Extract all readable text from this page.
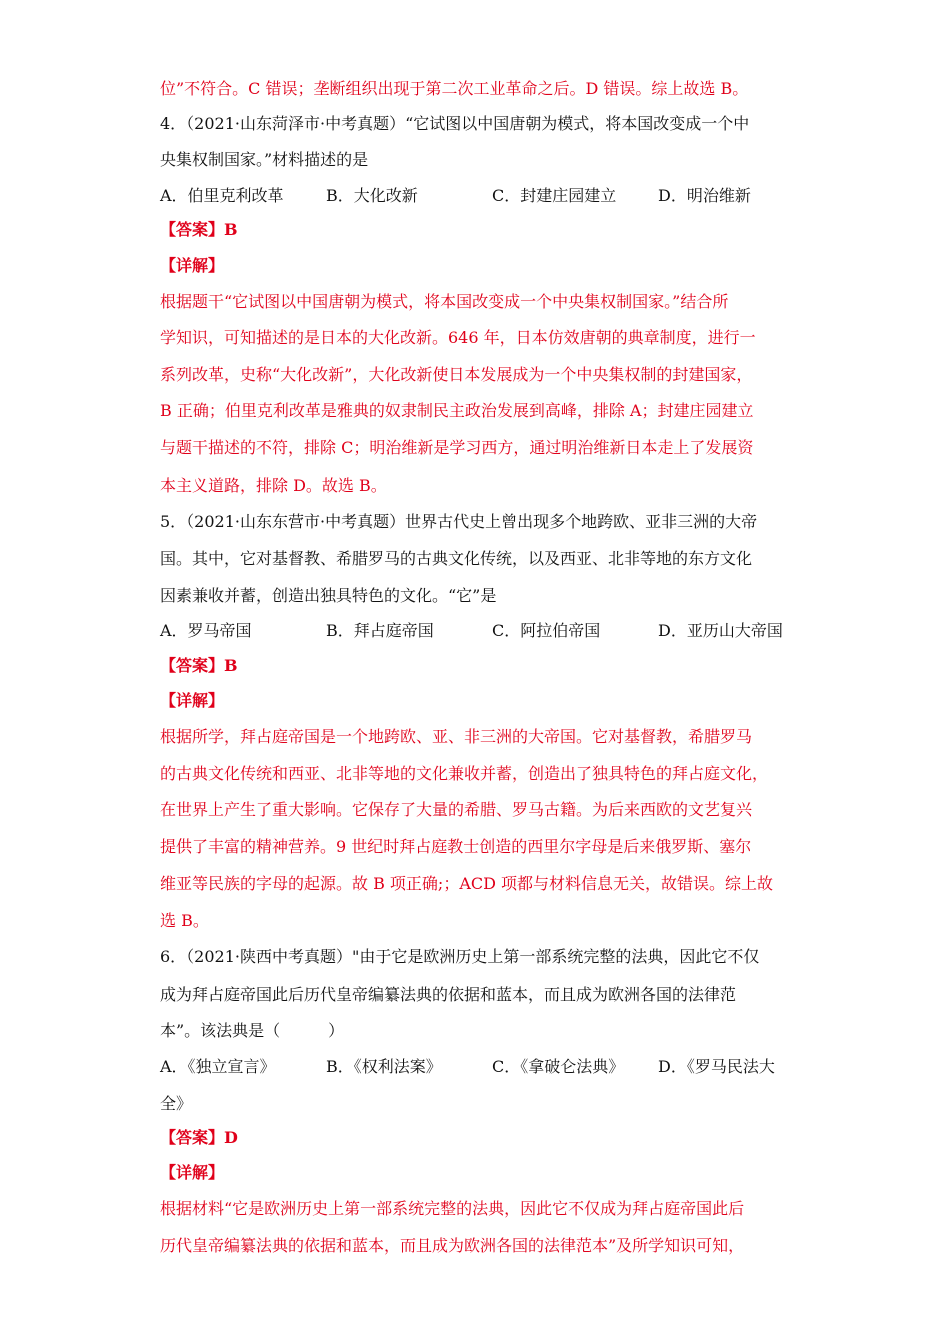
位”不符合。C 错误；垄断组织出现于第二次工业革命之后。D 错误。综上故选 B。
4．（2021·山东菏泽市·中考真题）“它试图以中国唐朝为模式，将本国改变成一个中
央集权制国家。”材料描述的是
A．伯里克利改革	B．大化改新	C．封建庄园建立	D．明治维新
【答案】B
【详解】
根据题干“它试图以中国唐朝为模式，将本国改变成一个中央集权制国家。”结合所
学知识，可知描述的是日本的大化改新。646 年，日本仿效唐朝的典章制度，进行一
系列改革，史称“大化改新”，大化改新使日本发展成为一个中央集权制的封建国家，
B 正确；伯里克利改革是雅典的奴隶制民主政治发展到高峰，排除 A；封建庄园建立
与题干描述的不符，排除 C；明治维新是学习西方，通过明治维新日本走上了发展资
本主义道路，排除 D。故选 B。
5．（2021·山东东营市·中考真题）世界古代史上曾出现多个地跨欧、亚非三洲的大帝
国。其中，它对基督教、希腊罗马的古典文化传统，以及西亚、北非等地的东方文化
因素兼收并蓄，创造出独具特色的文化。“它”是
A．罗马帝国	B．拜占庭帝国	C．阿拉伯帝国	D．亚历山大帝国
【答案】B
【详解】
根据所学，拜占庭帝国是一个地跨欧、亚、非三洲的大帝国。它对基督教，希腊罗马
的古典文化传统和西亚、北非等地的文化兼收并蓄，创造出了独具特色的拜占庭文化，
在世界上产生了重大影响。它保存了大量的希腊、罗马古籍。为后来西欧的文艺复兴
提供了丰富的精神营养。9 世纪时拜占庭教士创造的西里尔字母是后来俄罗斯、塞尔
维亚等民族的字母的起源。故 B 项正确;；ACD 项都与材料信息无关，故错误。综上故
选 B。
6．（2021·陕西中考真题）"由于它是欧洲历史上第一部系统完整的法典，因此它不仅
成为拜占庭帝国此后历代皇帝编纂法典的依据和蓝本，而且成为欧洲各国的法律范
本”。该法典是（　　　）
A．《独立宣言》	B．《权利法案》	C．《拿破仑法典》 D．《罗马民法大
全》
【答案】D
【详解】
根据材料“它是欧洲历史上第一部系统完整的法典，因此它不仅成为拜占庭帝国此后
历代皇帝编纂法典的依据和蓝本，而且成为欧洲各国的法律范本”及所学知识可知，
